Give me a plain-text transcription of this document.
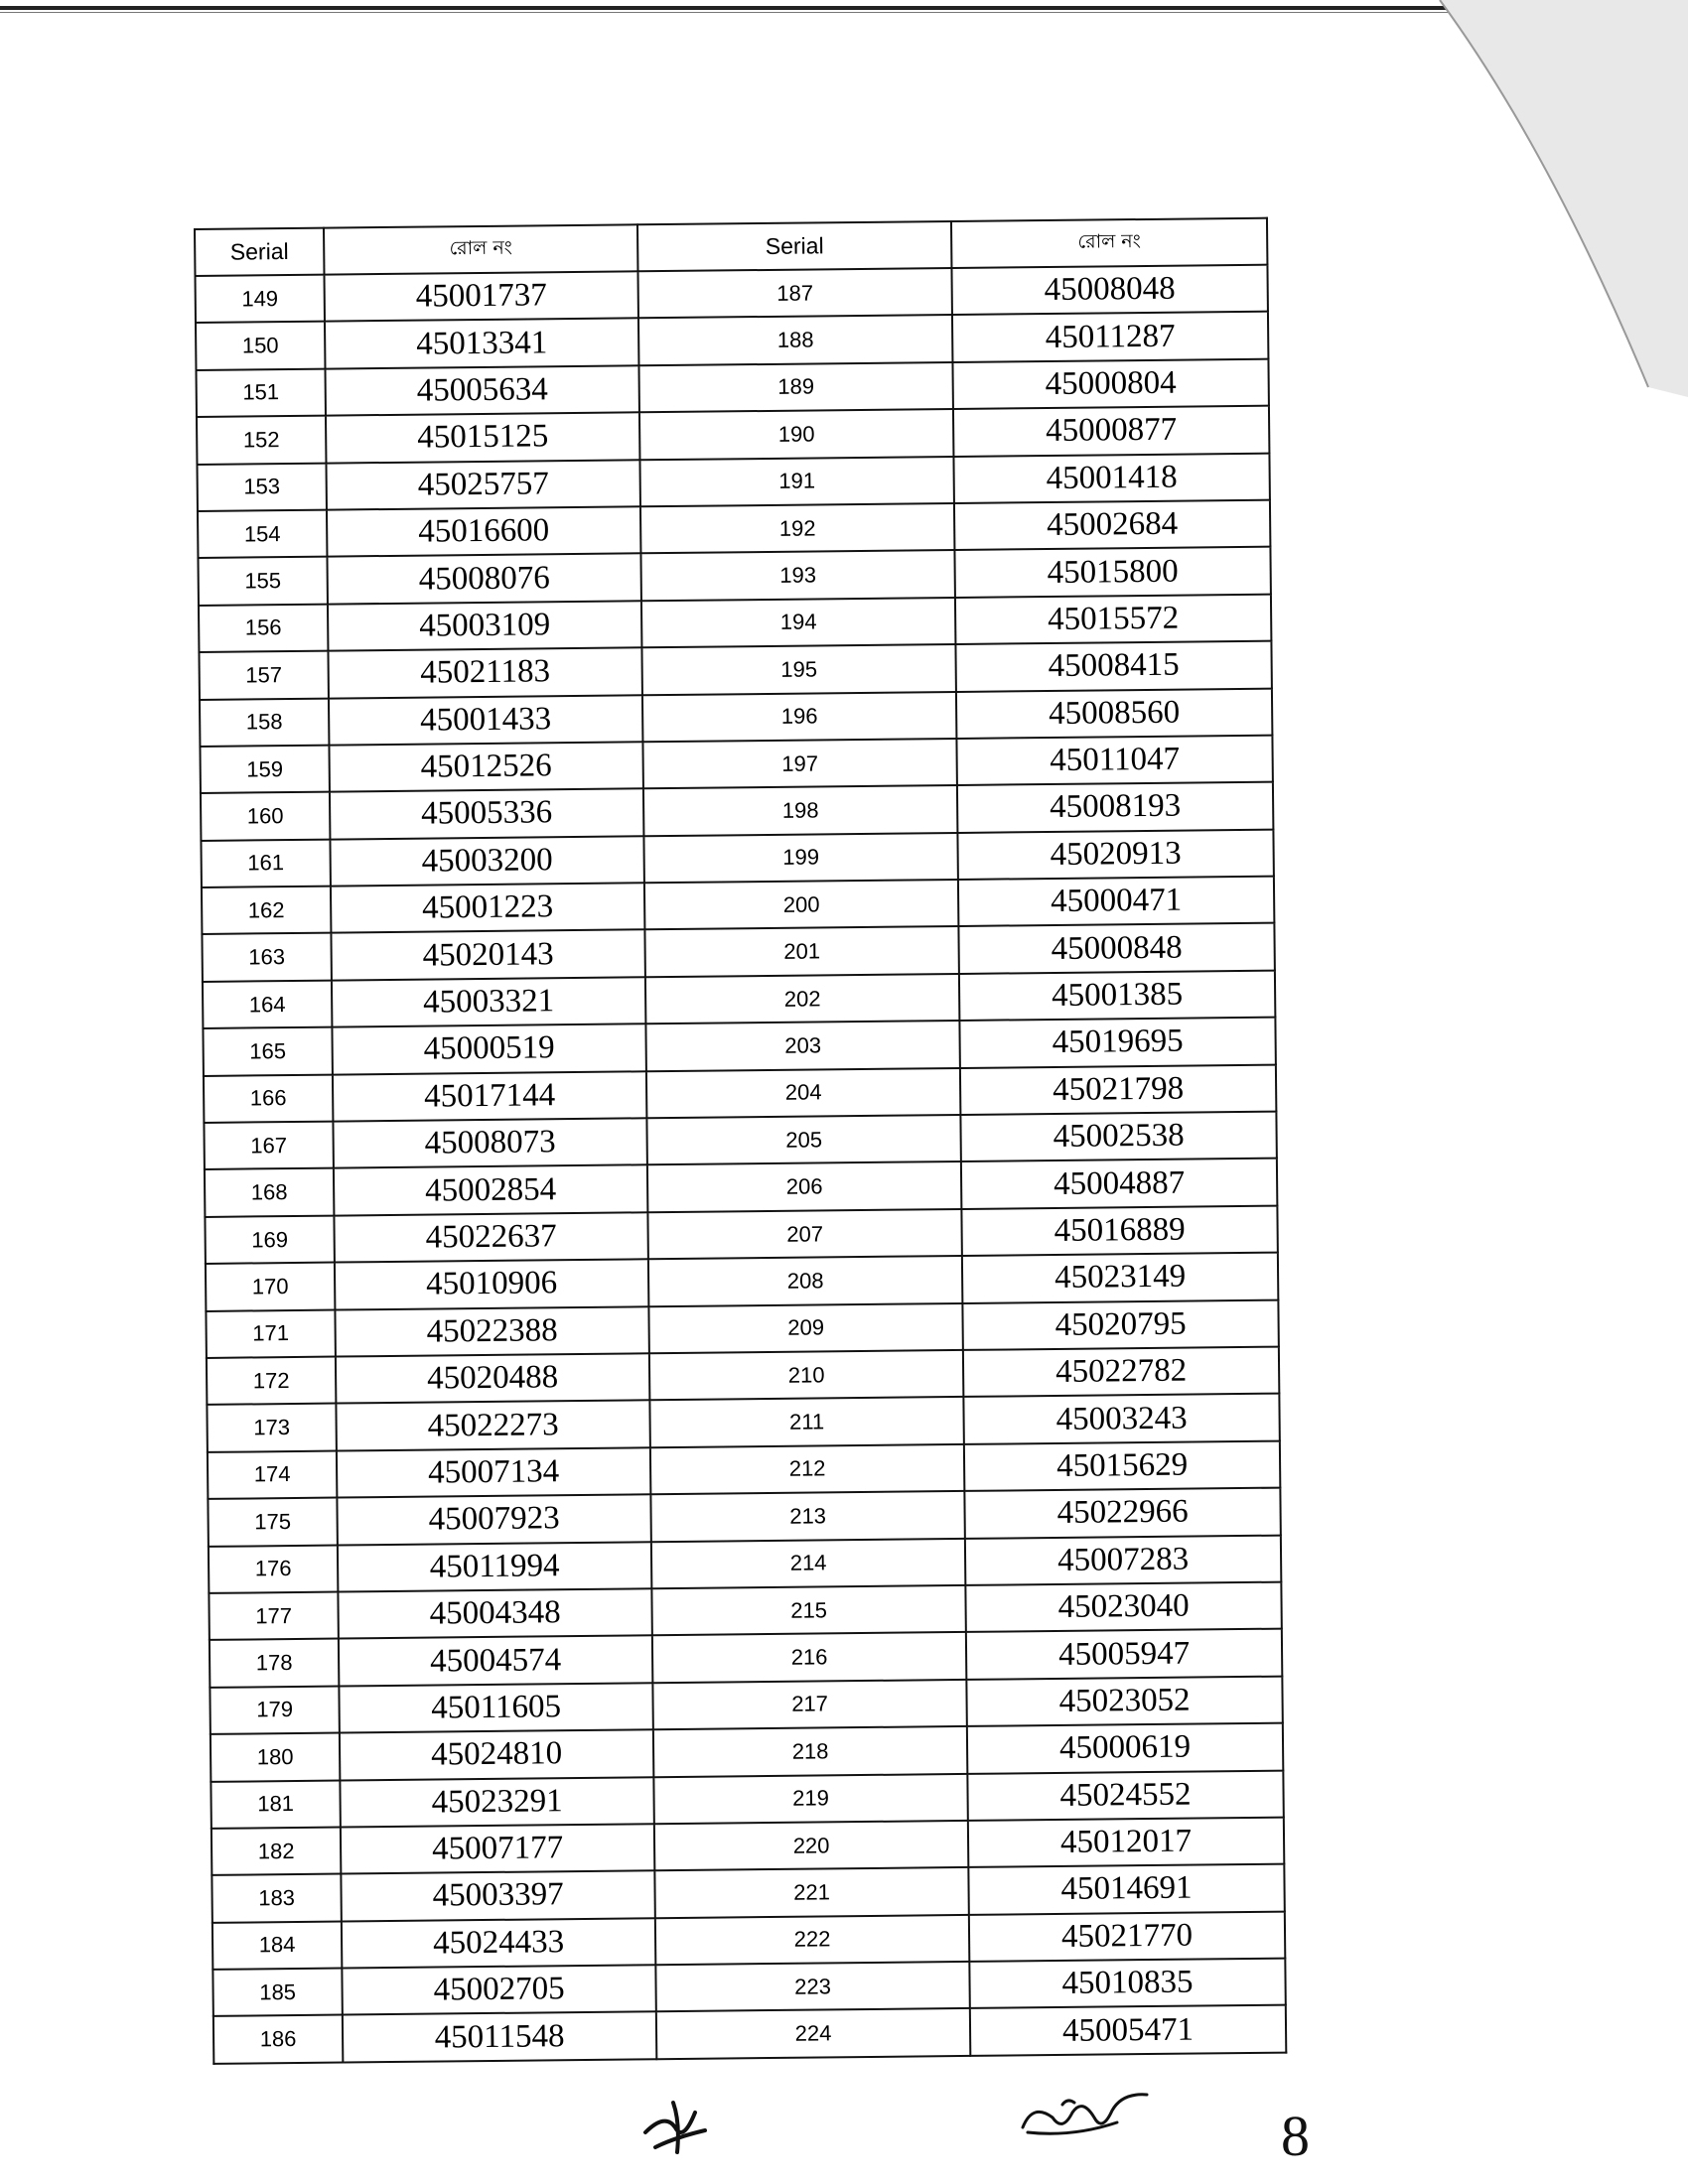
Serial	রোল নং	Serial	রোল নং
149	45001737	187	45008048
150	45013341	188	45011287
151	45005634	189	45000804
152	45015125	190	45000877
153	45025757	191	45001418
154	45016600	192	45002684
155	45008076	193	45015800
156	45003109	194	45015572
157	45021183	195	45008415
158	45001433	196	45008560
159	45012526	197	45011047
160	45005336	198	45008193
161	45003200	199	45020913
162	45001223	200	45000471
163	45020143	201	45000848
164	45003321	202	45001385
165	45000519	203	45019695
166	45017144	204	45021798
167	45008073	205	45002538
168	45002854	206	45004887
169	45022637	207	45016889
170	45010906	208	45023149
171	45022388	209	45020795
172	45020488	210	45022782
173	45022273	211	45003243
174	45007134	212	45015629
175	45007923	213	45022966
176	45011994	214	45007283
177	45004348	215	45023040
178	45004574	216	45005947
179	45011605	217	45023052
180	45024810	218	45000619
181	45023291	219	45024552
182	45007177	220	45012017
183	45003397	221	45014691
184	45024433	222	45021770
185	45002705	223	45010835
186	45011548	224	45005471
8
